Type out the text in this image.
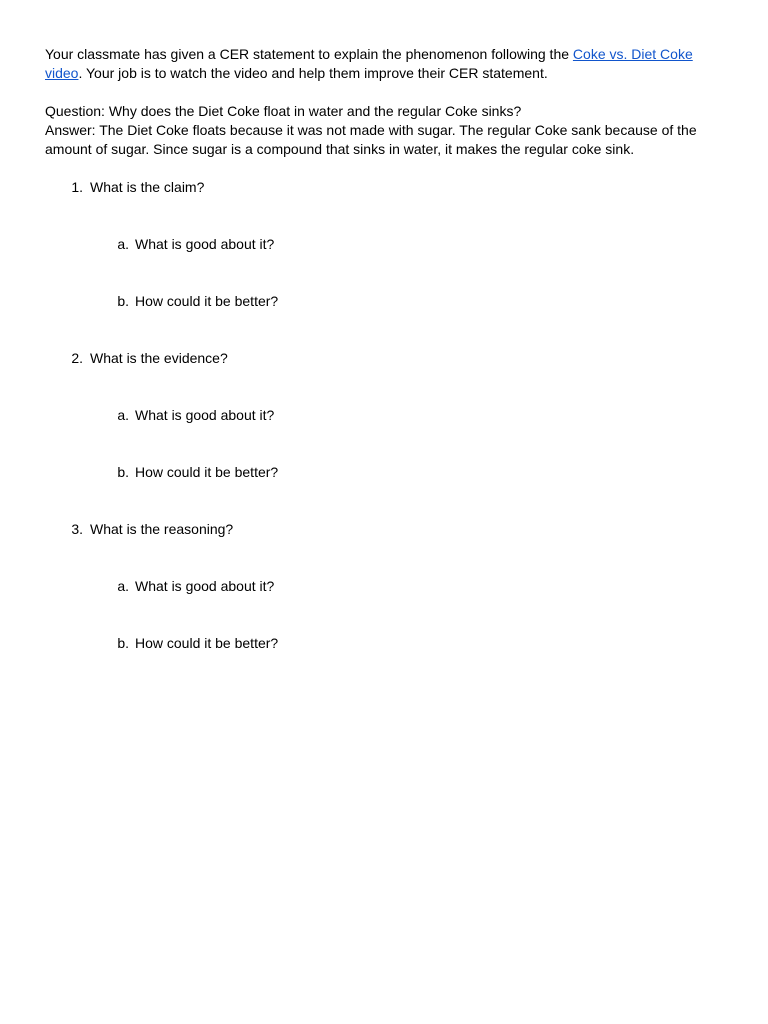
Your classmate has given a CER statement to explain the phenomenon following the Coke vs. Diet Coke video. Your job is to watch the video and help them improve their CER statement.

Question: Why does the Diet Coke float in water and the regular Coke sinks?

Answer: The Diet Coke floats because it was not made with sugar. The regular Coke sank because of the amount of sugar. Since sugar is a compound that sinks in water, it makes the regular coke sink.

1. What is the claim?
a. What is good about it?
b. How could it be better?
2. What is the evidence?
a. What is good about it?
b. How could it be better?
3. What is the reasoning?
a. What is good about it?
b. How could it be better?
